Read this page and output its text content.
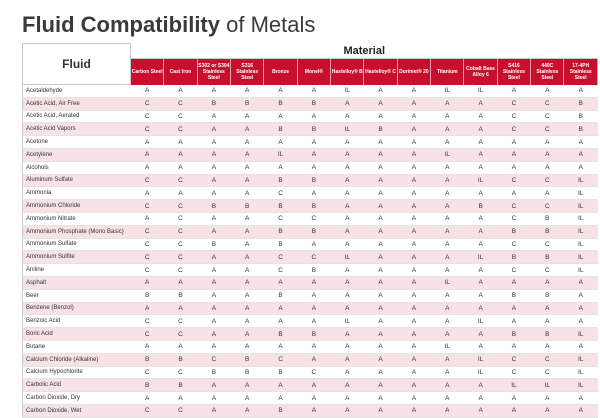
Fluid Compatibility of Metals
Fluid	Material													
	Carbon Steel	Cast Iron	S302 or S304 Stainless Steel	S316 Stainless Steel	Bronze	Monel®	Hastelloy® B	Hastelloy® C	Durimet® 20	Titanium	Cobalt Base Alloy 6	S416 Stainless Steel	440C Stainless Steel	17-4PH Stainless Steel
Acetaldehyde	A	A	A	A	A	A	IL	A	A	IL	IL	A	A	A
Acetic Acid, Air Free	C	C	B	B	B	B	A	A	A	A	A	C	C	B
Acetic Acid, Aerated	C	C	A	A	A	A	A	A	A	A	A	C	C	B
Acetic Acid Vapors	C	C	A	A	B	B	IL	B	A	A	A	C	C	B
Acetone	A	A	A	A	A	A	A	A	A	A	A	A	A	A
Acetylene	A	A	A	A	IL	A	A	A	A	IL	A	A	A	A
Alcohols	A	A	A	A	A	A	A	A	A	A	A	A	A	A
Aluminum Sulfate	C	C	A	A	B	B	A	A	A	A	IL	C	C	IL
Ammonia	A	A	A	A	C	A	A	A	A	A	A	A	A	IL
Ammonium Chloride	C	C	B	B	B	B	A	A	A	A	B	C	C	IL
Ammonium Nitrate	A	C	A	A	C	C	A	A	A	A	A	C	B	IL
Ammonium Phosphate (Mono Basic)	C	C	A	A	B	B	A	A	A	A	A	B	B	IL
Ammonium Sulfate	C	C	B	A	B	A	A	A	A	A	A	C	C	IL
Ammonium Sulfite	C	C	A	A	C	C	IL	A	A	A	IL	B	B	IL
Aniline	C	C	A	A	C	B	A	A	A	A	A	C	C	IL
Asphalt	A	A	A	A	A	A	A	A	A	IL	A	A	A	A
Beer	B	B	A	A	B	A	A	A	A	A	A	B	B	A
Benzene (Benzol)	A	A	A	A	A	A	A	A	A	A	A	A	A	A
Benzoic Acid	C	C	A	A	A	A	IL	A	A	A	IL	A	A	A
Boric Acid	C	C	A	A	B	B	A	A	A	A	A	B	B	IL
Butane	A	A	A	A	A	A	A	A	A	IL	A	A	A	A
Calcium Chloride (Alkaline)	B	B	C	B	C	A	A	A	A	A	IL	C	C	IL
Calcium Hypochlorite	C	C	B	B	B	C	A	A	A	A	IL	C	C	IL
Carbolic Acid	B	B	A	A	A	A	A	A	A	A	A	IL	IL	IL
Carbon Dioxide, Dry	A	A	A	A	A	A	A	A	A	A	A	A	A	A
Carbon Dioxide, Wet	C	C	A	A	B	A	A	A	A	A	A	A	A	A
